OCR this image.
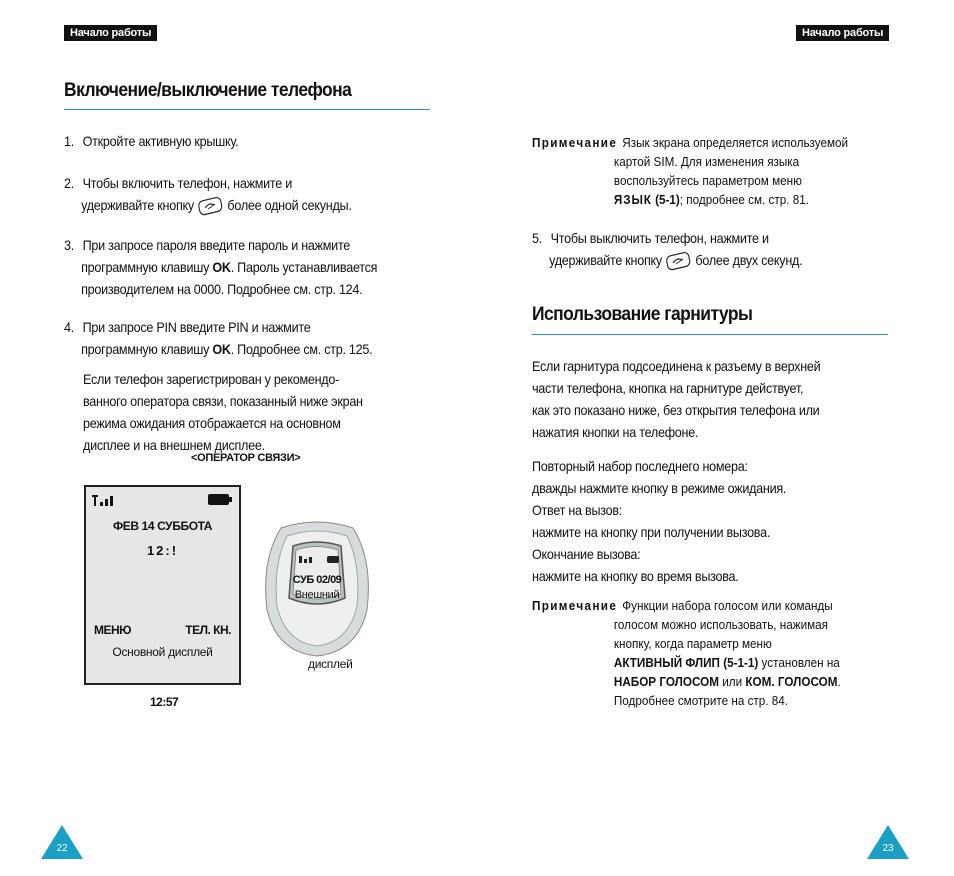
Начало работы
Включение/выключение телефона
1. Откройте активную крышку.
2. Чтобы включить телефон, нажмите и
удерживайте кнопку более одной секунды.
3. При запросе пароля введите пароль и нажмите
программную клавишу OK. Пароль устанавливается
производителем на 0000. Подробнее см. стр. 124.
4. При запросе PIN введите PIN и нажмите
программную клавишу OK. Подробнее см. стр. 125.
Если телефон зарегистрирован у рекомендо-
ванного оператора связи, показанный ниже экран
режима ожидания отображается на основном
дисплее и на внешнем дисплее.
<ОПЕРАТОР СВЯЗИ>
ФЕВ 14 СУББОТА
12:!
МЕНЮ	ТЕЛ. КН.
Основной дисплей
12:57
СУБ 02/09
Внешний
дисплей
22
Начало работы
Примечание Язык экрана определяется используемой
картой SIM. Для изменения языка
воспользуйтесь параметром меню
ЯЗЫК (5-1); подробнее см. стр. 81.
5. Чтобы выключить телефон, нажмите и
удерживайте кнопку более двух секунд.
Использование гарнитуры
Если гарнитура подсоединена к разъему в верхней
части телефона, кнопка на гарнитуре действует,
как это показано ниже, без открытия телефона или
нажатия кнопки на телефоне.
Повторный набор последнего номера:
дважды нажмите кнопку в режиме ожидания.
Ответ на вызов:
нажмите на кнопку при получении вызова.
Окончание вызова:
нажмите на кнопку во время вызова.
Примечание Функции набора голосом или команды
голосом можно использовать, нажимая
кнопку, когда параметр меню
АКТИВНЫЙ ФЛИП (5-1-1) установлен на
НАБОР ГОЛОСОМ или КОМ. ГОЛОСОМ.
Подробнее смотрите на стр. 84.
23
